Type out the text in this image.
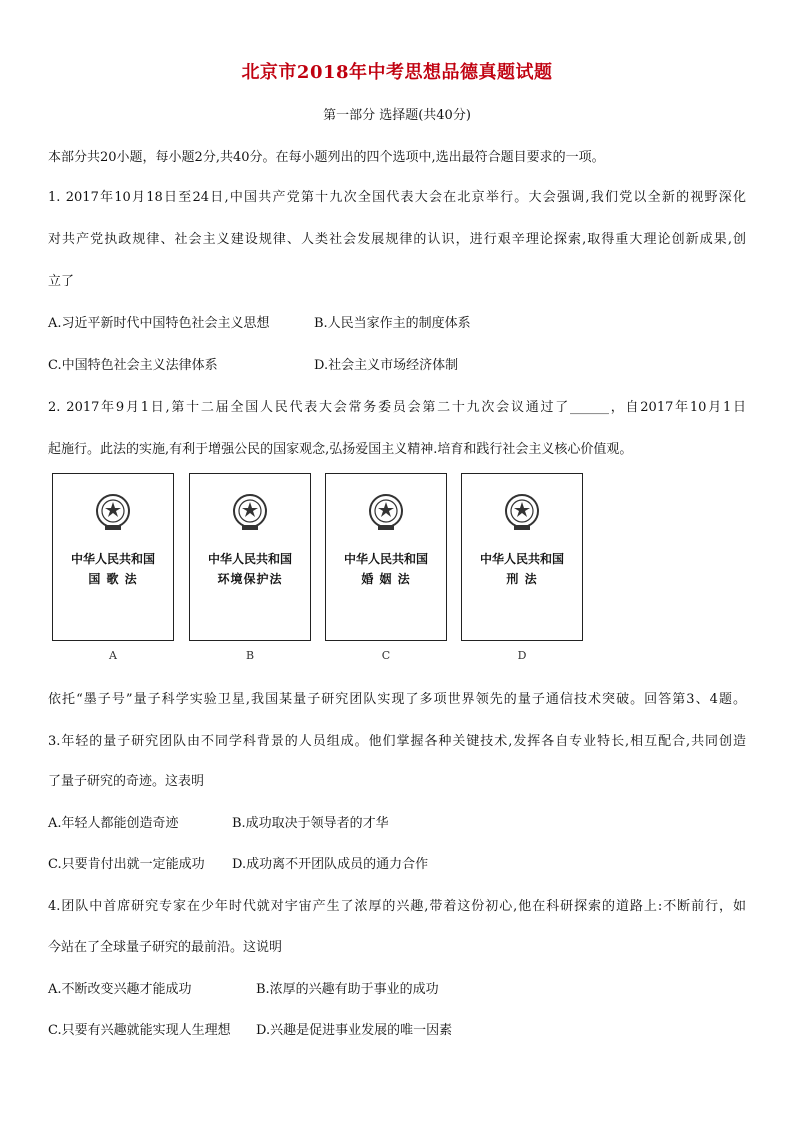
北京市2018年中考思想品德真题试题
第一部分 选择题(共40分)
本部分共20小题，每小题2分,共40分。在每小题列出的四个选项中,选出最符合题目要求的一项。
1. 2017年10月18日至24日,中国共产党第十九次全国代表大会在北京举行。大会强调,我们党以全新的视野深化
对共产党执政规律、社会主义建设规律、人类社会发展规律的认识，进行艰辛理论探索,取得重大理论创新成果,创
立了
A.习近平新时代中国特色社会主义思想	B.人民当家作主的制度体系
C.中国特色社会主义法律体系	D.社会主义市场经济体制
2. 2017年9月1日,第十二届全国人民代表大会常务委员会第二十九次会议通过了______，自2017年10月1日
起施行。此法的实施,有利于增强公民的国家观念,弘扬爱国主义精神.培育和践行社会主义核心价值观。
中华人民共和国
国 歌 法
A
中华人民共和国
环境保护法
B
中华人民共和国
婚 姻 法
C
中华人民共和国
刑 法
D
依托“墨子号”量子科学实验卫星,我国某量子研究团队实现了多项世界领先的量子通信技术突破。回答第3、4题。
3.年轻的量子研究团队由不同学科背景的人员组成。他们掌握各种关键技术,发挥各自专业特长,相互配合,共同创造
了量子研究的奇迹。这表明
A.年轻人都能创造奇迹	B.成功取决于领导者的才华
C.只要肯付出就一定能成功 D.成功离不开团队成员的通力合作
4.团队中首席研究专家在少年时代就对宇宙产生了浓厚的兴趣,带着这份初心,他在科研探索的道路上:不断前行，如
今站在了全球量子研究的最前沿。这说明
A.不断改变兴趣才能成功	B.浓厚的兴趣有助于事业的成功
C.只要有兴趣就能实现人生理想 D.兴趣是促进事业发展的唯一因素
